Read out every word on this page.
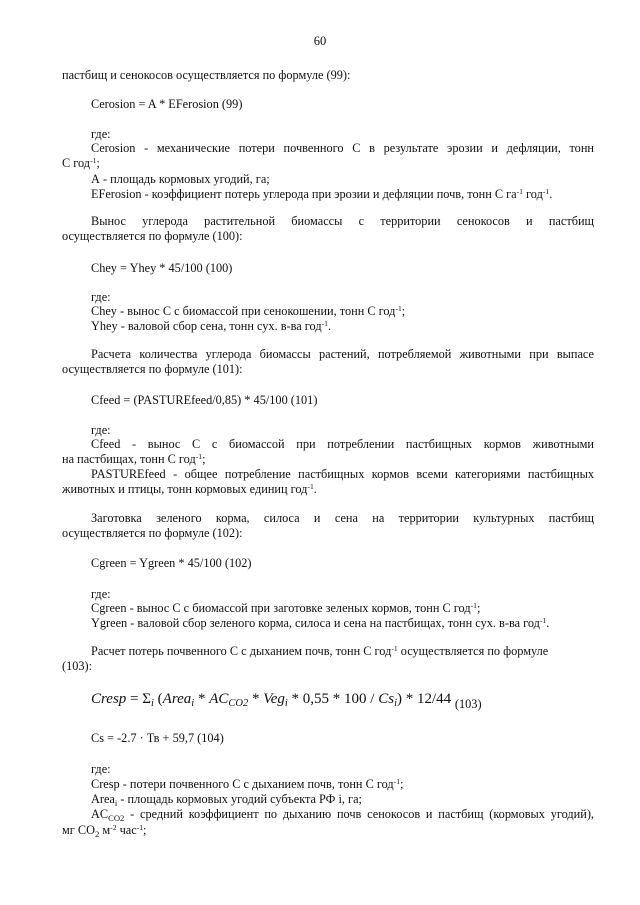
60

пастбищ и сенокосов осуществляется по формуле (99):

Cerosion = A * EFerosion (99)

где:

Cerosion - механические потери почвенного С в результате эрозии и дефляции, тонн

С год$^{-1}$;

А - площадь кормовых угодий, га;

EFerosion - коэффициент потерь углерода при эрозии и дефляции почв, тонн С $га^{-1}$ год$^{-1}$.

Вынос углерода растительной биомассы с территории сенокосов и пастбищ

осуществляется по формуле (100):

Chey = Yhey * 45/100 (100)

где:

Chey - вынос С с биомассой при сенокошении, тонн С год$^{-1}$;

Yhey - валовой сбор сена, тонн сух. в-ва год$^{-1}$.

Расчета количества углерода биомассы растений, потребляемой животными при выпасе

осуществляется по формуле (101):

Cfeed = (PASTUREfeed/0,85) * 45/100 (101)

где:

Cfeed - вынос С с биомассой при потреблении пастбищных кормов животными

на пастбищах, тонн С год$^{-1}$;

PASTUREfeed - общее потребление пастбищных кормов всеми категориями пастбищных

животных и птицы, тонн кормовых единиц год$^{-1}$.

Заготовка зеленого корма, силоса и сена на территории культурных пастбищ

осуществляется по формуле (102):

Cgreen = Ygreen * 45/100 (102)

где:

Cgreen - вынос С с биомассой при заготовке зеленых кормов, тонн С год$^{-1}$;

Ygreen - валовой сбор зеленого корма, силоса и сена на пастбищах, тонн сух. в-ва год$^{-1}$.

Расчет потерь почвенного С с дыханием почв, тонн С год$^{-1}$ осуществляется по формуле

(103):

Cresp = $\Sigma_i$ (Area$_i$ * $AC_{CO2} * Veg_i * 0,55 * 100 / Cs_i) * 12/44$ $_{(103)}$

Cs = -2.7 · Тв + 59,7 (104)

где:

Cresp - потери почвенного С с дыханием почв, тонн С год$^{-1}$;

Area$_i$ - площадь кормовых угодий субъекта РФ i, га;

$AC_{CO2}$ - средний коэффициент по дыханию почв сенокосов и пастбищ (кормовых угодий),

мг $СО_2$ $м^{-2}$ час$^{-1}$;
